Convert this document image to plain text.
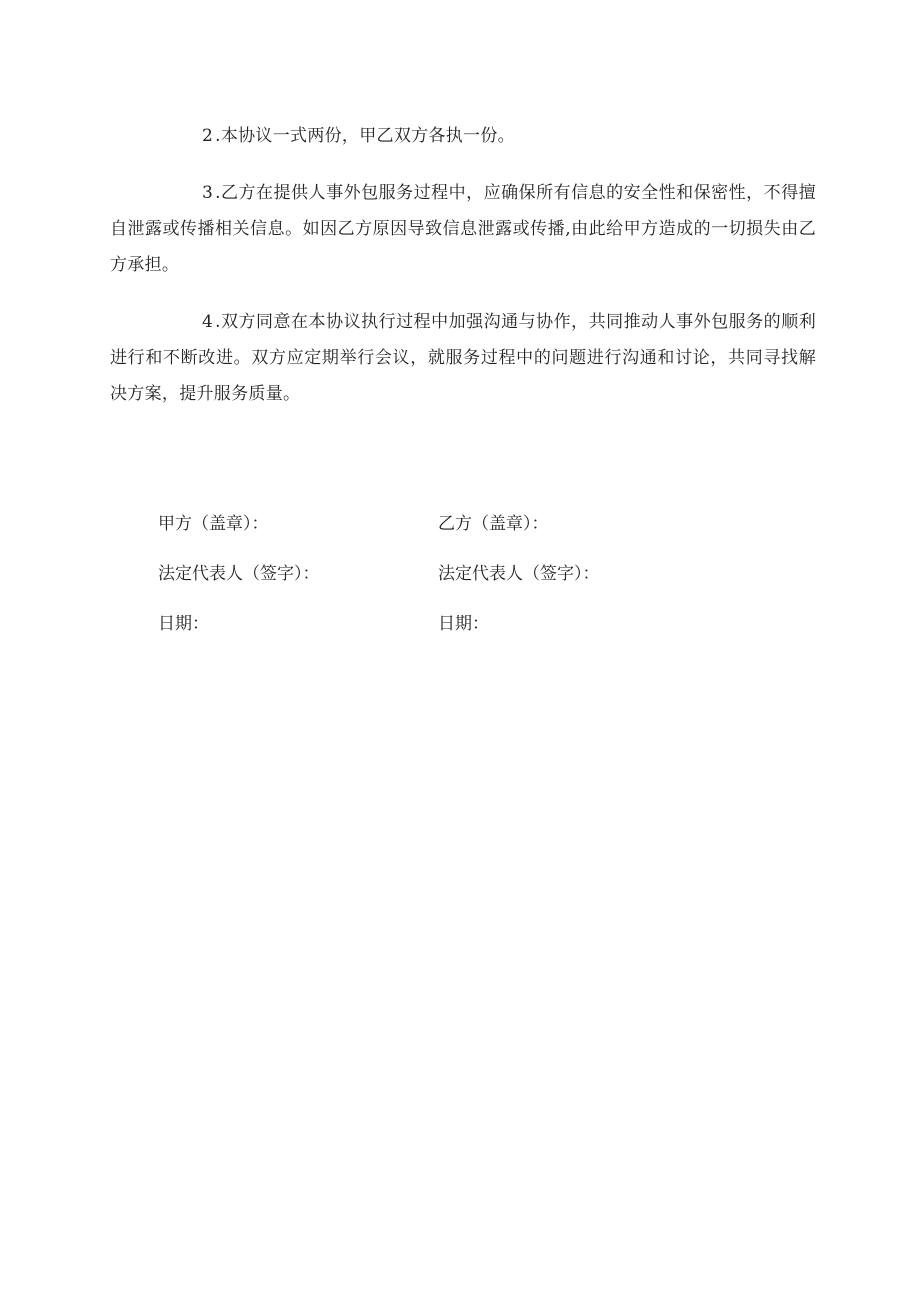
2 .本协议一式两份，甲乙双方各执一份。

3 .乙方在提供人事外包服务过程中，应确保所有信息的安全性和保密性，不得擅自泄露或传播相关信息。如因乙方原因导致信息泄露或传播,由此给甲方造成的一切损失由乙方承担。

4 .双方同意在本协议执行过程中加强沟通与协作，共同推动人事外包服务的顺利进行和不断改进。双方应定期举行会议，就服务过程中的问题进行沟通和讨论，共同寻找解决方案，提升服务质量。

甲方（盖章）：	乙方（盖章）：
法定代表人（签字）：	法定代表人（签字）：
日期：	日期：
